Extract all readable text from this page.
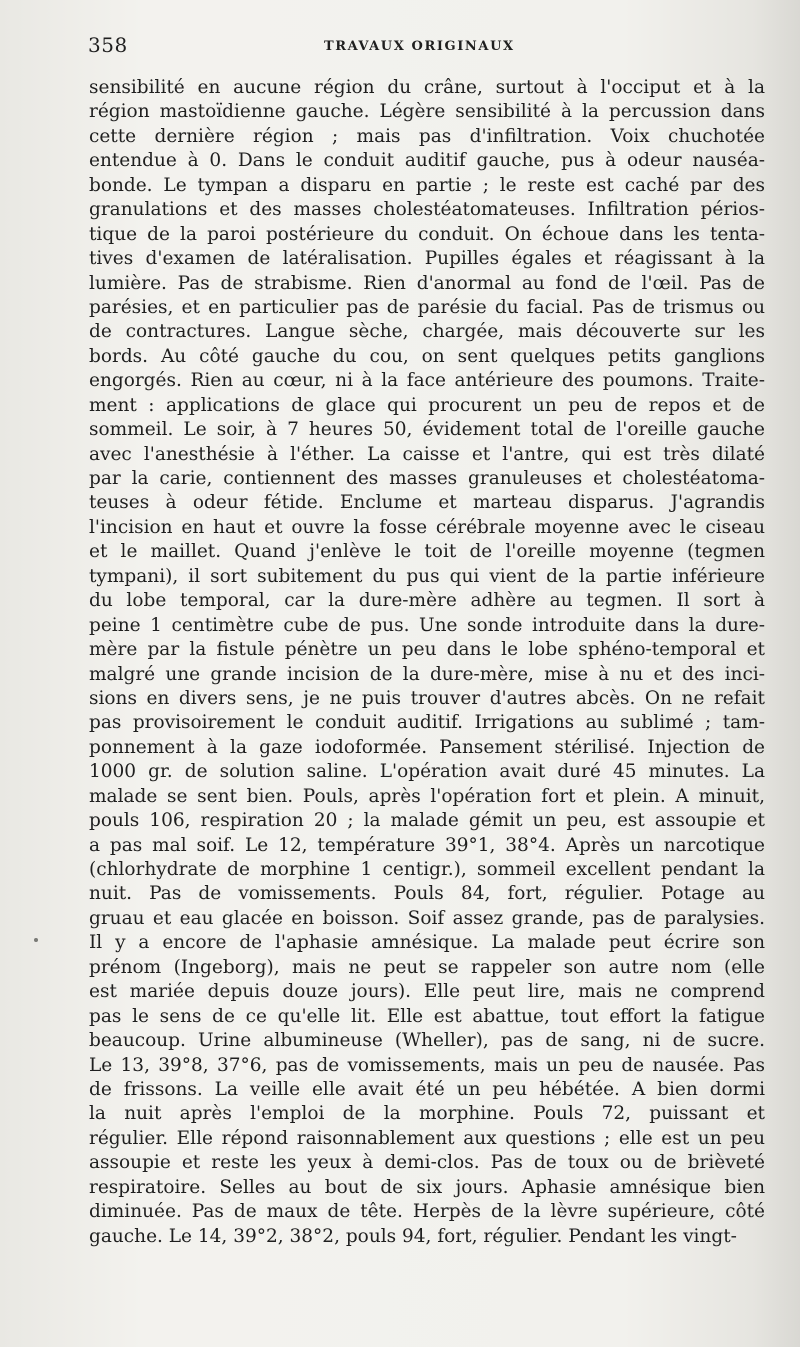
358	TRAVAUX ORIGINAUX
sensibilité en aucune région du crâne, surtout à l'occiput et à la
région mastoïdienne gauche. Légère sensibilité à la percussion dans
cette dernière région ; mais pas d'infiltration. Voix chuchotée
entendue à 0. Dans le conduit auditif gauche, pus à odeur nauséa-
bonde. Le tympan a disparu en partie ; le reste est caché par des
granulations et des masses cholestéatomateuses. Infiltration périos-
tique de la paroi postérieure du conduit. On échoue dans les tenta-
tives d'examen de latéralisation. Pupilles égales et réagissant à la
lumière. Pas de strabisme. Rien d'anormal au fond de l'œil. Pas de
parésies, et en particulier pas de parésie du facial. Pas de trismus ou
de contractures. Langue sèche, chargée, mais découverte sur les
bords. Au côté gauche du cou, on sent quelques petits ganglions
engorgés. Rien au cœur, ni à la face antérieure des poumons. Traite-
ment : applications de glace qui procurent un peu de repos et de
sommeil. Le soir, à 7 heures 50, évidement total de l'oreille gauche
avec l'anesthésie à l'éther. La caisse et l'antre, qui est très dilaté
par la carie, contiennent des masses granuleuses et cholestéatoma-
teuses à odeur fétide. Enclume et marteau disparus. J'agrandis
l'incision en haut et ouvre la fosse cérébrale moyenne avec le ciseau
et le maillet. Quand j'enlève le toit de l'oreille moyenne (tegmen
tympani), il sort subitement du pus qui vient de la partie inférieure
du lobe temporal, car la dure-mère adhère au tegmen. Il sort à
peine 1 centimètre cube de pus. Une sonde introduite dans la dure-
mère par la fistule pénètre un peu dans le lobe sphéno-temporal et
malgré une grande incision de la dure-mère, mise à nu et des inci-
sions en divers sens, je ne puis trouver d'autres abcès. On ne refait
pas provisoirement le conduit auditif. Irrigations au sublimé ; tam-
ponnement à la gaze iodoformée. Pansement stérilisé. Injection de
1000 gr. de solution saline. L'opération avait duré 45 minutes. La
malade se sent bien. Pouls, après l'opération fort et plein. A minuit,
pouls 106, respiration 20 ; la malade gémit un peu, est assoupie et
a pas mal soif. Le 12, température 39°1, 38°4. Après un narcotique
(chlorhydrate de morphine 1 centigr.), sommeil excellent pendant la
nuit. Pas de vomissements. Pouls 84, fort, régulier. Potage au
gruau et eau glacée en boisson. Soif assez grande, pas de paralysies.
Il y a encore de l'aphasie amnésique. La malade peut écrire son
prénom (Ingeborg), mais ne peut se rappeler son autre nom (elle
est mariée depuis douze jours). Elle peut lire, mais ne comprend
pas le sens de ce qu'elle lit. Elle est abattue, tout effort la fatigue
beaucoup. Urine albumineuse (Wheller), pas de sang, ni de sucre.
Le 13, 39°8, 37°6, pas de vomissements, mais un peu de nausée. Pas
de frissons. La veille elle avait été un peu hébétée. A bien dormi
la nuit après l'emploi de la morphine. Pouls 72, puissant et
régulier. Elle répond raisonnablement aux questions ; elle est un peu
assoupie et reste les yeux à demi-clos. Pas de toux ou de brièveté
respiratoire. Selles au bout de six jours. Aphasie amnésique bien
diminuée. Pas de maux de tête. Herpès de la lèvre supérieure, côté
gauche. Le 14, 39°2, 38°2, pouls 94, fort, régulier. Pendant les vingt-
